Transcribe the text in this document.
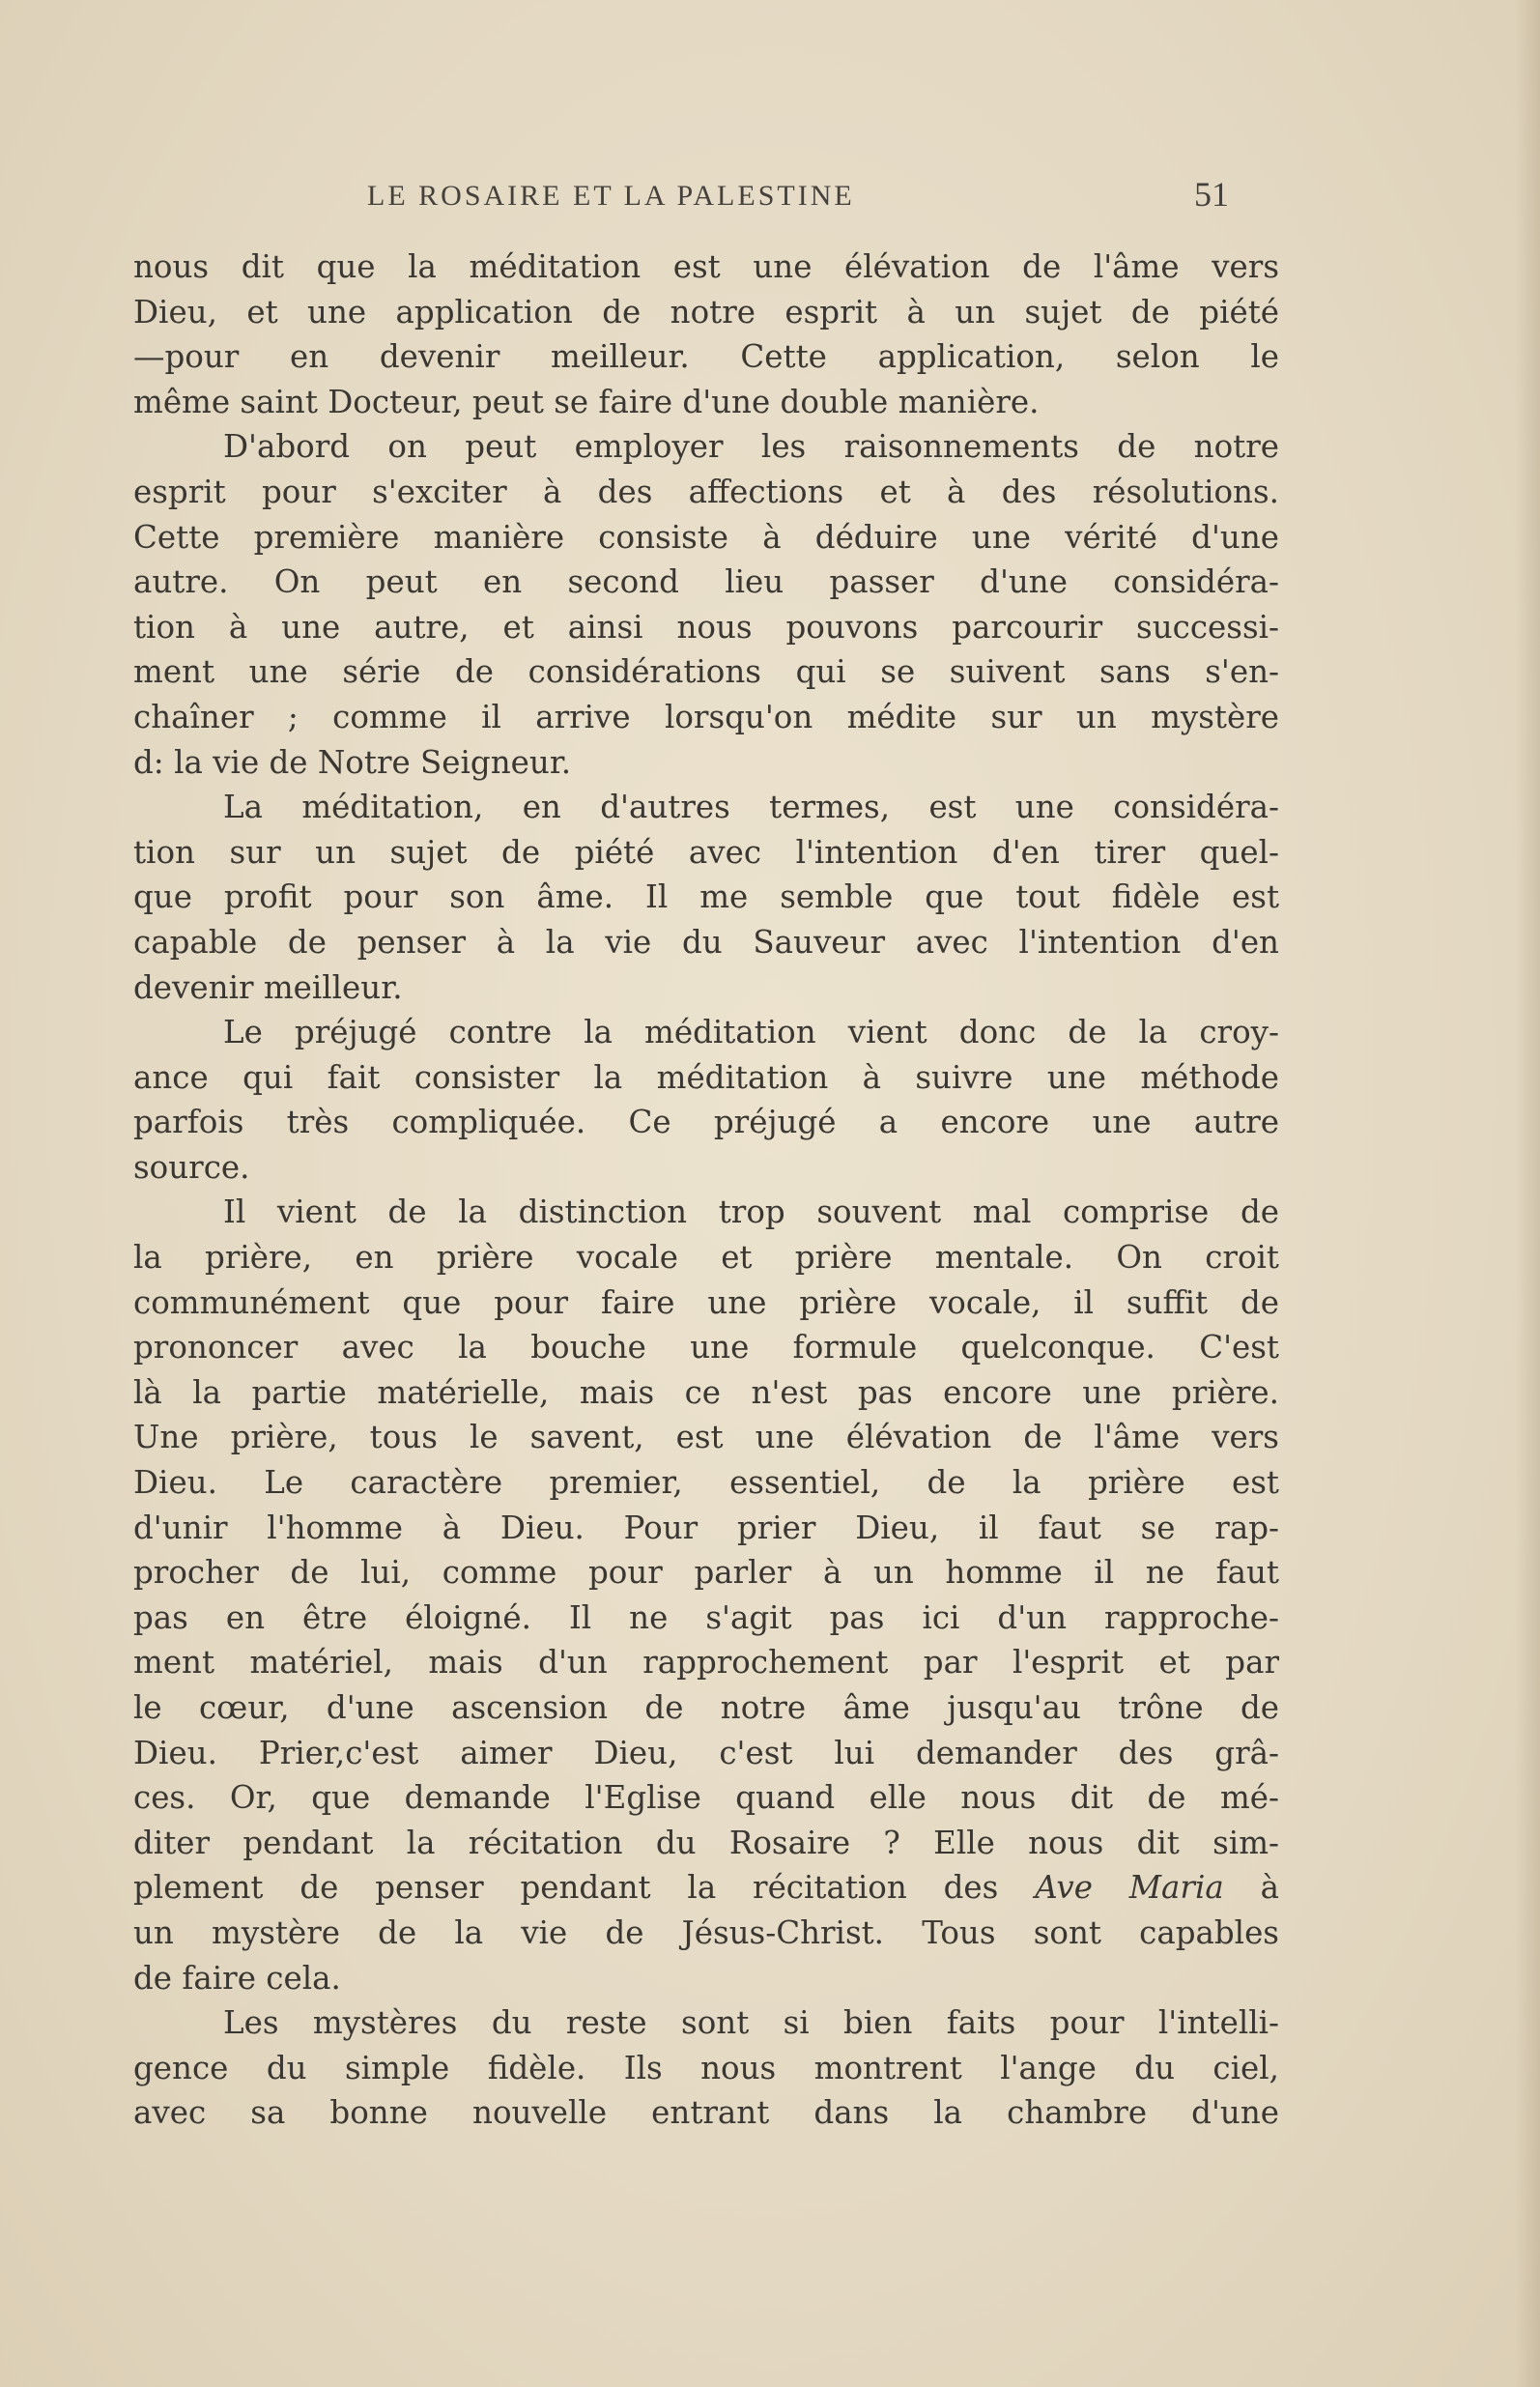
LE ROSAIRE ET LA PALESTINE	51
nous dit que la méditation est une élévation de l'âme vers
Dieu, et une application de notre esprit à un sujet de piété
—pour en devenir meilleur. Cette application, selon le
même saint Docteur, peut se faire d'une double manière.
D'abord on peut employer les raisonnements de notre
esprit pour s'exciter à des affections et à des résolutions.
Cette première manière consiste à déduire une vérité d'une
autre. On peut en second lieu passer d'une considéra-
tion à une autre, et ainsi nous pouvons parcourir successi-
ment une série de considérations qui se suivent sans s'en-
chaîner ; comme il arrive lorsqu'on médite sur un mystère
d: la vie de Notre Seigneur.
La méditation, en d'autres termes, est une considéra-
tion sur un sujet de piété avec l'intention d'en tirer quel-
que profit pour son âme. Il me semble que tout fidèle est
capable de penser à la vie du Sauveur avec l'intention d'en
devenir meilleur.
Le préjugé contre la méditation vient donc de la croy-
ance qui fait consister la méditation à suivre une méthode
parfois très compliquée. Ce préjugé a encore une autre
source.
Il vient de la distinction trop souvent mal comprise de
la prière, en prière vocale et prière mentale. On croit
communément que pour faire une prière vocale, il suffit de
prononcer avec la bouche une formule quelconque. C'est
là la partie matérielle, mais ce n'est pas encore une prière.
Une prière, tous le savent, est une élévation de l'âme vers
Dieu. Le caractère premier, essentiel, de la prière est
d'unir l'homme à Dieu. Pour prier Dieu, il faut se rap-
procher de lui, comme pour parler à un homme il ne faut
pas en être éloigné. Il ne s'agit pas ici d'un rapproche-
ment matériel, mais d'un rapprochement par l'esprit et par
le cœur, d'une ascension de notre âme jusqu'au trône de
Dieu. Prier,c'est aimer Dieu, c'est lui demander des grâ-
ces. Or, que demande l'Eglise quand elle nous dit de mé-
diter pendant la récitation du Rosaire ? Elle nous dit sim-
plement de penser pendant la récitation des Ave Maria à
un mystère de la vie de Jésus-Christ. Tous sont capables
de faire cela.
Les mystères du reste sont si bien faits pour l'intelli-
gence du simple fidèle. Ils nous montrent l'ange du ciel,
avec sa bonne nouvelle entrant dans la chambre d'une
